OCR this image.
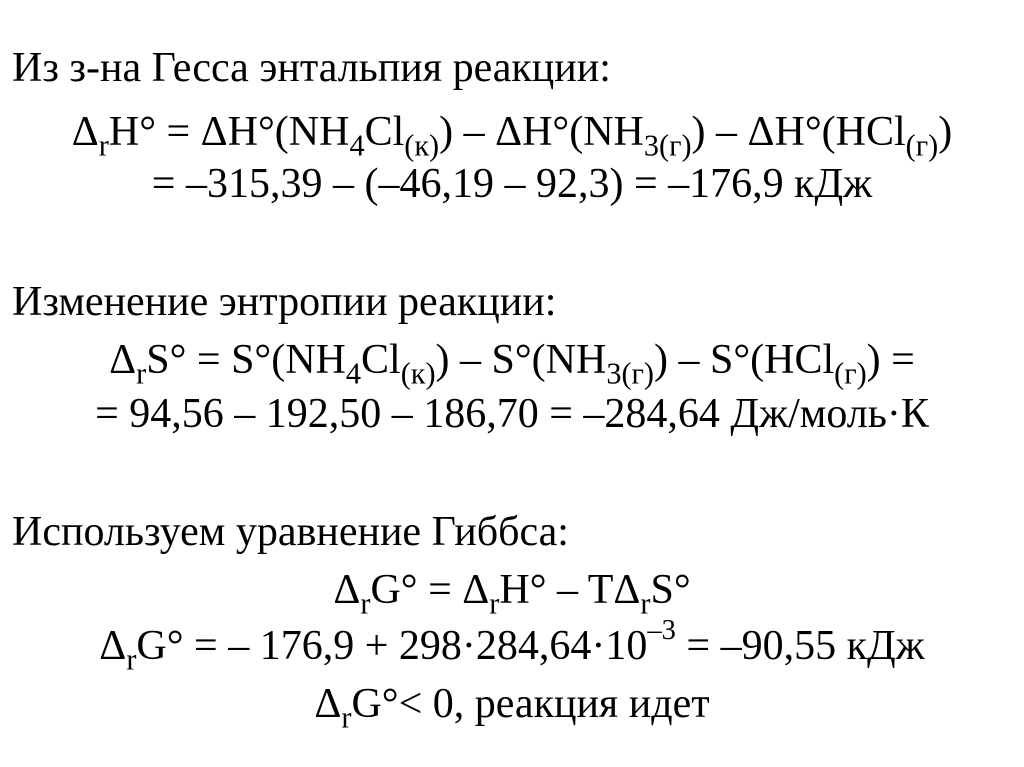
Из з-на Гесса энтальпия реакции:
$\Delta_rH^\circ = \Delta H^\circ(NH_4Cl_{(к)}) - \Delta H^\circ(NH_{3(г)}) - \Delta H^\circ(HCl_{(г)})$
= –315,39 – (–46,19 – 92,3) = –176,9 кДж
Изменение энтропии реакции:
$\Delta_rS^\circ = S^\circ(NH_4Cl_{(к)}) - S^\circ(NH_{3(г)}) - S^\circ(HCl_{(г)})$ =
= 94,56 – 192,50 – 186,70 = –284,64 Дж/моль·К
Используем уравнение Гиббса:
$\Delta_rG^\circ = \Delta_rH^\circ - T\Delta_rS^\circ$
$\Delta_rG^\circ$ = – $176,9 + 298\cdot 284,64\cdot 10^{-3} = -90,55$ кДж
$\Delta_rG^\circ< 0$, реакция идет
